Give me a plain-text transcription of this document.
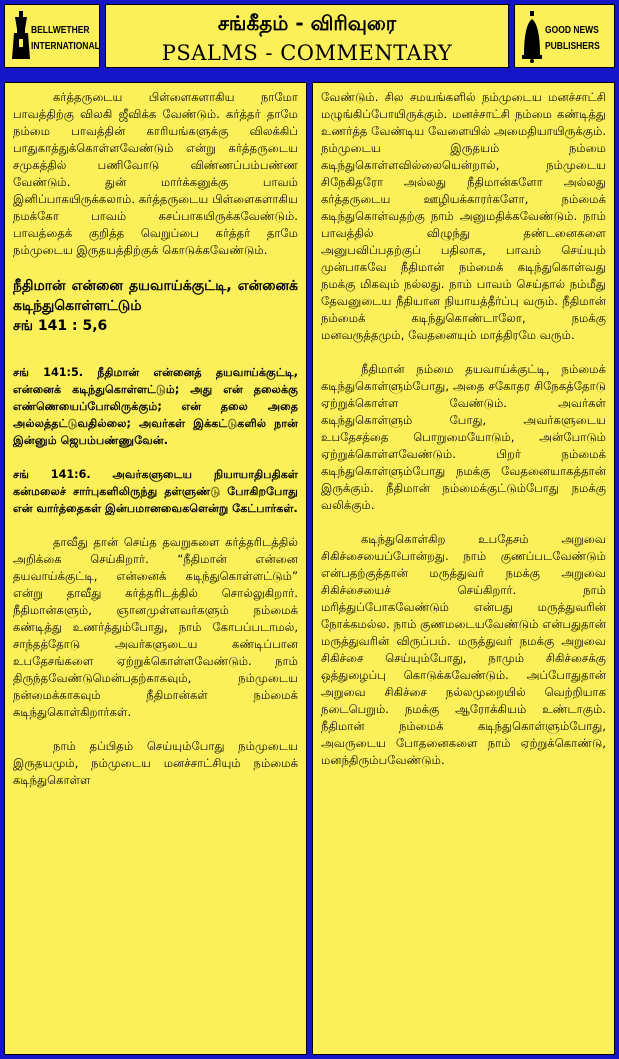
BELLWETHER
INTERNATIONAL
சங்கீதம் - விரிவுரை
PSALMS - COMMENTARY
GOOD NEWS
PUBLISHERS

கர்த்தருடைய பிள்ளைகளாகிய நாமோ பாவத்திற்கு விலகி ஜீவிக்க வேண்டும். கர்த்தர் தாமே நம்மை பாவத்தின் காரியங்களுக்கு விலக்கிப் பாதுகாத்துக்கொள்ளவேண்டும் என்று கர்த்தருடைய சமுகத்தில் பணிவோடு விண்ணப்பம்பண்ண வேண்டும். துன் மார்க்கனுக்கு பாவம் இனிப்பாகயிருக்கலாம். கர்த்தருடைய பிள்ளைகளாகிய நமக்கோ பாவம் கசப்பாகயிருக்கவேண்டும். பாவத்தைக் குறித்த வெறுப்பை கர்த்தர் தாமே நம்முடைய இருதயத்திற்குக் கொடுக்கவேண்டும்.

நீதிமான் என்னை தயவாய்க்குட்டி, என்னைக் கடிந்துகொள்ளட்டும்
சங் 141 : 5,6

சங் 141:5. நீதிமான் என்னைத் தயவாய்க்குட்டி, என்னைக் கடிந்துகொள்ளட்டும்; அது என் தலைக்கு எண்ணெயைப்போலிருக்கும்; என் தலை அதை அல்லத்தட்டுவதில்லை; அவர்கள் இக்கட்டுகளில் நான் இன்னும் ஜெபம்பண்ணுவேன்.

சங் 141:6. அவர்களுடைய நியாயாதிபதிகள் கன்மலைச் சார்புகளிலிருந்து தள்ளுண்டு போகிறபோது என் வார்த்தைகள் இன்பமானவைகளென்று கேட்பார்கள்.

தாவீது தான் செய்த தவறுகளை கர்த்தரிடத்தில் அறிக்கை செய்கிறார். “நீதிமான் என்னை தயவாய்க்குட்டி, என்னைக் கடிந்துகொள்ளட்டும்” என்று தாவீது கர்த்தரிடத்தில் சொல்லுகிறார். நீதிமான்களும், ஞானமுள்ளவர்களும் நம்மைக் கண்டித்து உணர்த்தும்போது, நாம் கோபப்படாமல், சாந்தத்தோடு அவர்களுடைய கண்டிப்பான உபதேசங்களை ஏற்றுக்கொள்ளவேண்டும். நாம் திருந்தவேண்டுமென்பதற்காகவும், நம்முடைய நன்மைக்காகவும் நீதிமான்கள் நம்மைக் கடிந்துகொள்கிறார்கள்.

நாம் தப்பிதம் செய்யும்போது நம்முடைய இருதயமும், நம்முடைய மனச்சாட்சியும் நம்மைக் கடிந்துகொள்ள

வேண்டும். சில சமயங்களில் நம்முடைய மனச்சாட்சி மழுங்கிப்போயிருக்கும். மனச்சாட்சி நம்மை கண்டித்து உணர்த்த வேண்டிய வேளையில் அமைதியாயிருக்கும். நம்முடைய இருதயம் நம்மை கடிந்துகொள்ளவில்லையென்றால், நம்முடைய சிநேகிதரோ அல்லது நீதிமான்களோ அல்லது கர்த்தருடைய ஊழியக்காரர்களோ, நம்மைக் கடிந்துகொள்வதற்கு நாம் அனுமதிக்கவேண்டும். நாம் பாவத்தில் விழுந்து தண்டனைகளை அனுபவிப்பதற்குப் பதிலாக, பாவம் செய்யும் முன்பாகவே நீதிமான் நம்மைக் கடிந்துகொள்வது நமக்கு மிகவும் நல்லது. நாம் பாவம் செய்தால் நம்மீது தேவனுடைய நீதியான நியாயத்தீர்ப்பு வரும். நீதிமான் நம்மைக் கடிந்துகொண்டாலோ, நமக்கு மனவருத்தமும், வேதனையும் மாத்திரமே வரும்.

நீதிமான் நம்மை தயவாய்க்குட்டி, நம்மைக் கடிந்துகொள்ளும்போது, அதை சகோதர சிநேகத்தோடு ஏற்றுக்கொள்ள வேண்டும். அவர்கள் கடிந்துகொள்ளும் போது, அவர்களுடைய உபதேசத்தை பொறுமையோடும், அன்போடும் ஏற்றுக்கொள்ளவேண்டும். பிறர் நம்மைக் கடிந்துகொள்ளும்போது நமக்கு வேதனையாகத்தான் இருக்கும். நீதிமான் நம்மைக்குட்டும்போது நமக்கு வலிக்கும்.

கடிந்துகொள்கிற உபதேசம் அறுவை சிகிச்சையைப்போன்றது. நாம் குணப்படவேண்டும் என்பதற்குத்தான் மருத்துவர் நமக்கு அறுவை சிகிச்சையைச் செய்கிறார். நாம் மரித்துப்போகவேண்டும் என்பது மருத்துவரின் நோக்கமல்ல. நாம் குணமடையவேண்டும் என்பதுதான் மருத்துவரின் விருப்பம். மருத்துவர் நமக்கு அறுவை சிகிச்சை செய்யும்போது, நாமும் சிகிச்சைக்கு ஒத்துழைப்பு கொடுக்கவேண்டும். அப்போதுதான் அறுவை சிகிச்சை நல்லமுறையில் வெற்றியாக நடைபெறும். நமக்கு ஆரோக்கியம் உண்டாகும். நீதிமான் நம்மைக் கடிந்துகொள்ளும்போது, அவருடைய போதனைகளை நாம் ஏற்றுக்கொண்டு, மனந்திரும்பவேண்டும்.
